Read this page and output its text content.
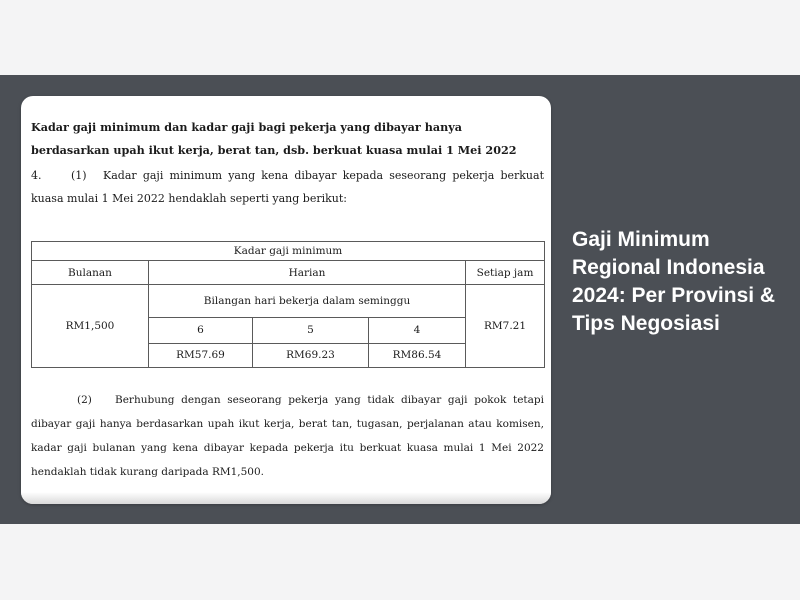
Kadar gaji minimum dan kadar gaji bagi pekerja yang dibayar hanya berdasarkan upah ikut kerja, berat tan, dsb. berkuat kuasa mulai 1 Mei 2022

4.	(1) Kadar gaji minimum yang kena dibayar kepada seseorang pekerja berkuat kuasa mulai 1 Mei 2022 hendaklah seperti yang berikut:

Kadar gaji minimum				
Bulanan	Harian			Setiap jam
RM1,500	Bilangan hari bekerja dalam seminggu			RM7.21
	6	5	4	
	RM57.69	RM69.23	RM86.54	

(2) Berhubung dengan seseorang pekerja yang tidak dibayar gaji pokok tetapi dibayar gaji hanya berdasarkan upah ikut kerja, berat tan, tugasan, perjalanan atau komisen, kadar gaji bulanan yang kena dibayar kepada pekerja itu berkuat kuasa mulai 1 Mei 2022 hendaklah tidak kurang daripada RM1,500.

Gaji Minimum Regional Indonesia 2024: Per Provinsi & Tips Negosiasi
